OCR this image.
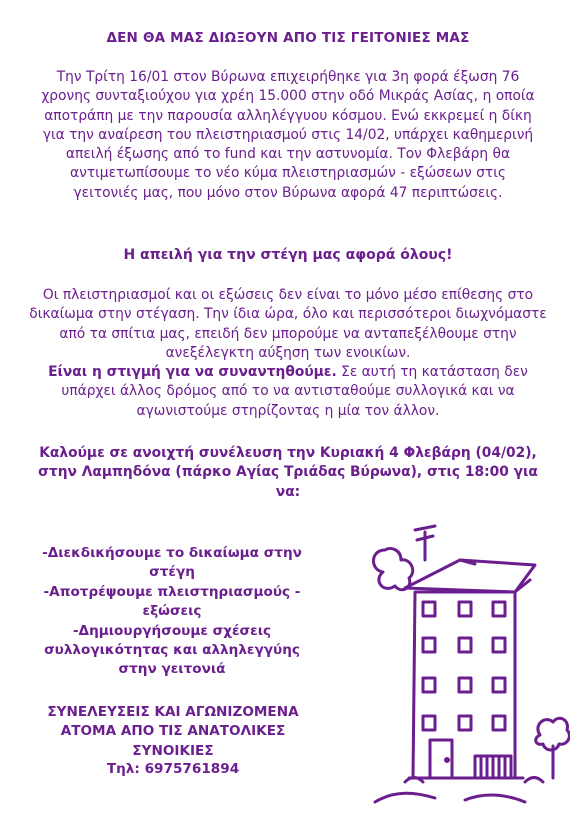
ΔΕΝ ΘΑ ΜΑΣ ΔΙΩΞΟΥΝ ΑΠΟ ΤΙΣ ΓΕΙΤΟΝΙΕΣ ΜΑΣ
Την Τρίτη 16/01 στον Βύρωνα επιχειρήθηκε για 3η φορά έξωση 76 χρονης συνταξιούχου για χρέη 15.000 στην οδό Μικράς Ασίας, η οποία αποτράπη με την παρουσία αλληλέγγυου κόσμου. Ενώ εκκρεμεί η δίκη για την αναίρεση του πλειστηριασμού στις 14/02, υπάρχει καθημερινή απειλή έξωσης από το fund και την αστυνομία. Τον Φλεβάρη θα αντιμετωπίσουμε το νέο κύμα πλειστηριασμών - εξώσεων στις γειτονιές μας, που μόνο στον Βύρωνα αφορά 47 περιπτώσεις.
Η απειλή για την στέγη μας αφορά όλους!
Οι πλειστηριασμοί και οι εξώσεις δεν είναι το μόνο μέσο επίθεσης στο δικαίωμα στην στέγαση. Την ίδια ώρα, όλο και περισσότεροι διωχνόμαστε από τα σπίτια μας, επειδή δεν μπορούμε να ανταπεξέλθουμε στην ανεξέλεγκτη αύξηση των ενοικίων.
Είναι η στιγμή για να συναντηθούμε. Σε αυτή τη κατάσταση δεν υπάρχει άλλος δρόμος από το να αντισταθούμε συλλογικά και να αγωνιστούμε στηρίζοντας η μία τον άλλον.
Καλούμε σε ανοιχτή συνέλευση την Κυριακή 4 Φλεβάρη (04/02), στην Λαμπηδόνα (πάρκο Αγίας Τριάδας Βύρωνα), στις 18:00 για να:
-Διεκδικήσουμε το δικαίωμα στην στέγη
-Αποτρέψουμε πλειστηριασμούς - εξώσεις
-Δημιουργήσουμε σχέσεις συλλογικότητας και αλληλεγγύης στην γειτονιά
ΣΥΝΕΛΕΥΣΕΙΣ ΚΑΙ ΑΓΩΝΙΖΟΜΕΝΑ ΑΤΟΜΑ ΑΠΟ ΤΙΣ ΑΝΑΤΟΛΙΚΕΣ ΣΥΝΟΙΚΙΕΣ
Τηλ: 6975761894
